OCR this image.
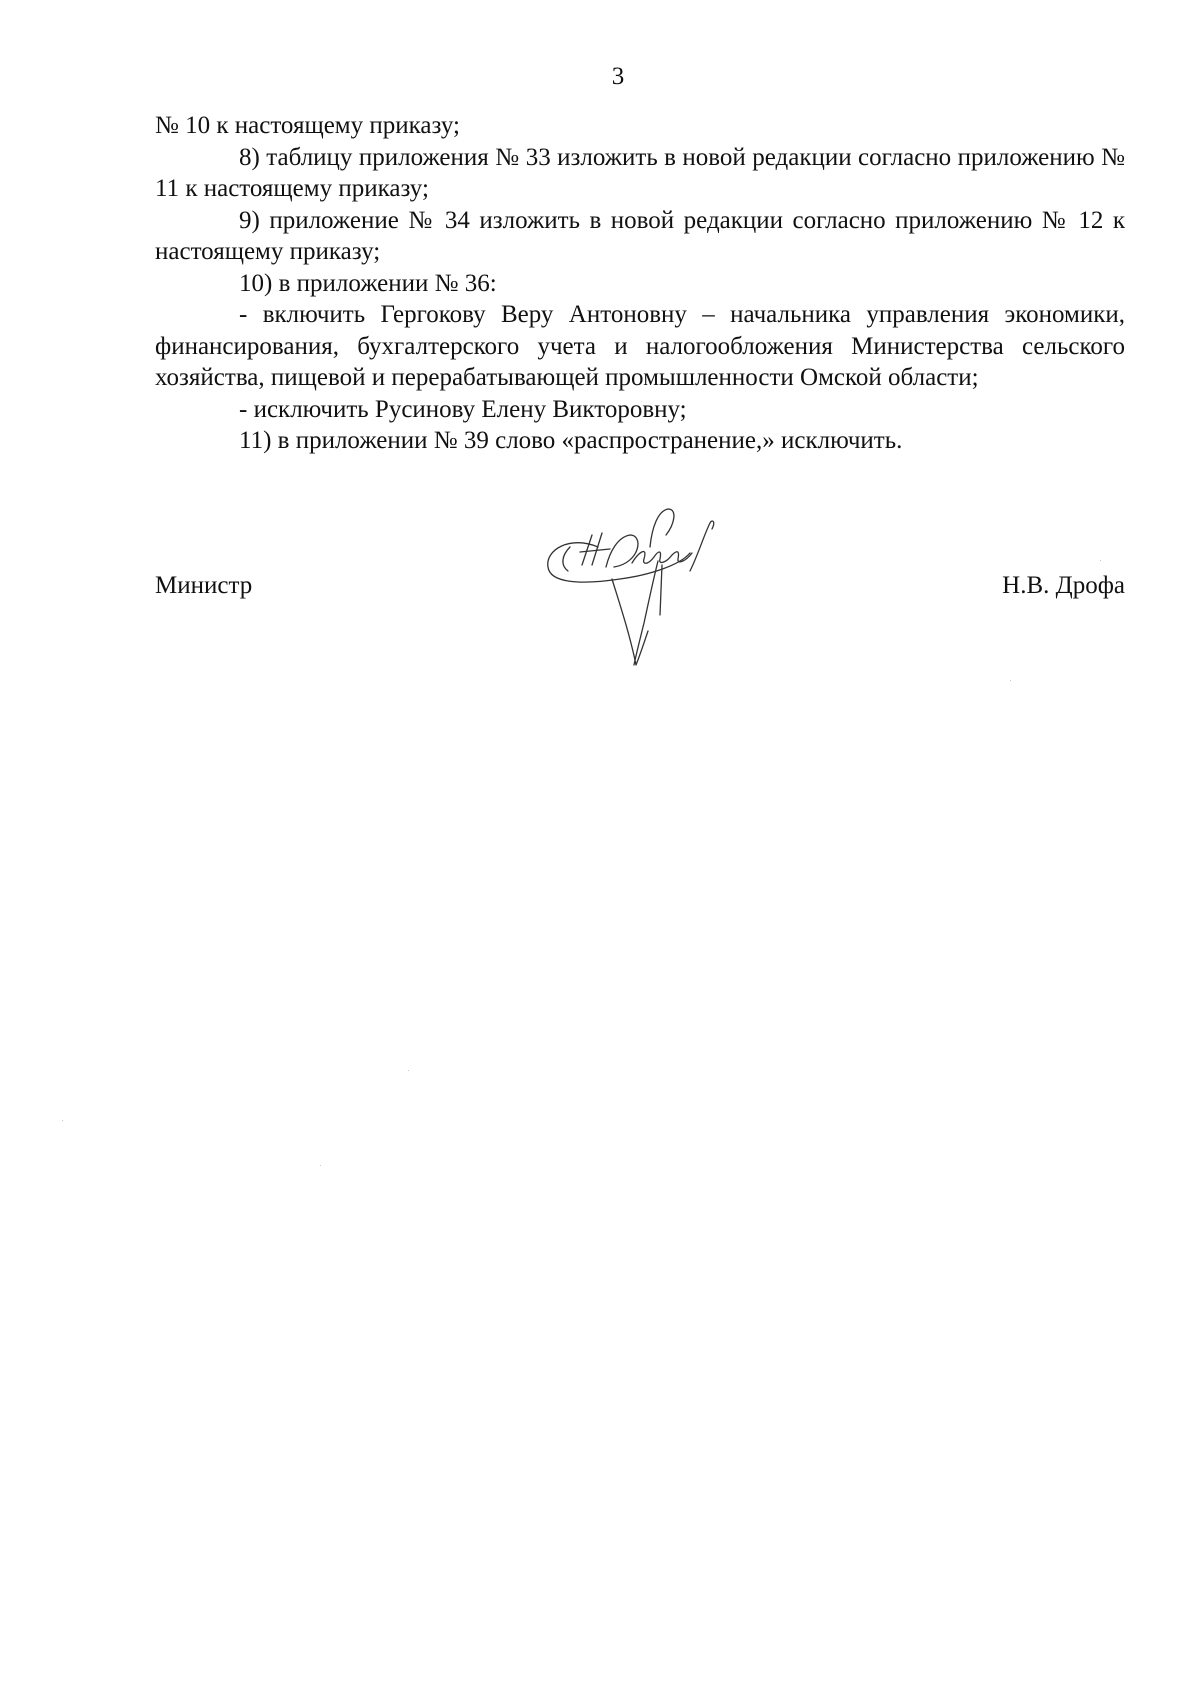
3

№ 10 к настоящему приказу;

8) таблицу приложения № 33 изложить в новой редакции согласно приложению № 11 к настоящему приказу;

9) приложение № 34 изложить в новой редакции согласно приложению № 12 к настоящему приказу;

10) в приложении № 36:

- включить Гергокову Веру Антоновну – начальника управления экономики, финансирования, бухгалтерского учета и налогообложения Министерства сельского хозяйства, пищевой и перерабатывающей промышленности Омской области;

- исключить Русинову Елену Викторовну;

11) в приложении № 39 слово «распространение,» исключить.

Министр	Н.В. Дрофа
